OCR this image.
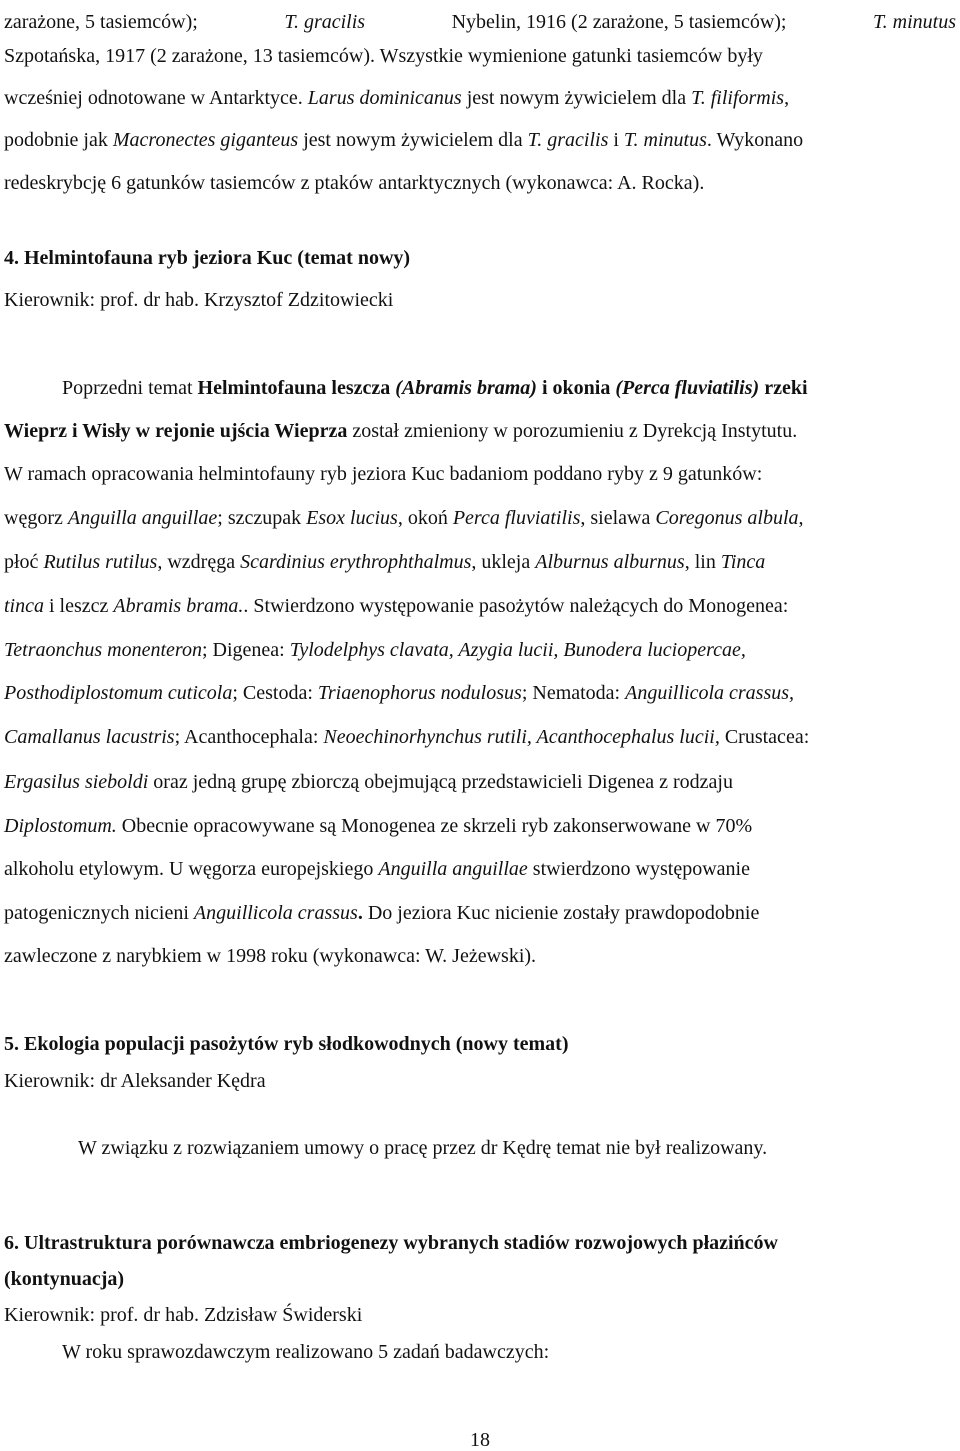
zarażone, 5 tasiemców);	T. gracilis	Nybelin, 1916 (2 zarażone, 5 tasiemców);	T. minutus
Szpotańska, 1917 (2 zarażone, 13 tasiemców). Wszystkie wymienione gatunki tasiemców były
wcześniej odnotowane w Antarktyce. Larus dominicanus jest nowym żywicielem dla T. filiformis,
podobnie jak Macronectes giganteus jest nowym żywicielem dla T. gracilis i T. minutus. Wykonano
redeskrybcję 6 gatunków tasiemców z ptaków antarktycznych (wykonawca: A. Rocka).
4. Helmintofauna ryb jeziora Kuc (temat nowy)
Kierownik: prof. dr hab. Krzysztof Zdzitowiecki
Poprzedni temat Helmintofauna leszcza (Abramis brama) i okonia (Perca fluviatilis) rzeki
Wieprz i Wisły w rejonie ujścia Wieprza został zmieniony w porozumieniu z Dyrekcją Instytutu.
W ramach opracowania helmintofauny ryb jeziora Kuc badaniom poddano ryby z 9 gatunków:
węgorz Anguilla anguillae; szczupak Esox lucius, okoń Perca fluviatilis, sielawa Coregonus albula,
płoć Rutilus rutilus, wzdręga Scardinius erythrophthalmus, ukleja Alburnus alburnus, lin Tinca
tinca i leszcz Abramis brama.. Stwierdzono występowanie pasożytów należących do Monogenea:
Tetraonchus monenteron; Digenea: Tylodelphys clavata, Azygia lucii, Bunodera luciopercae,
Posthodiplostomum cuticola; Cestoda: Triaenophorus nodulosus; Nematoda: Anguillicola crassus,
Camallanus lacustris; Acanthocephala: Neoechinorhynchus rutili, Acanthocephalus lucii, Crustacea:
Ergasilus sieboldi oraz jedną grupę zbiorczą obejmującą przedstawicieli Digenea z rodzaju
Diplostomum. Obecnie opracowywane są Monogenea ze skrzeli ryb zakonserwowane w 70%
alkoholu etylowym. U węgorza europejskiego Anguilla anguillae stwierdzono występowanie
patogenicznych nicieni Anguillicola crassus. Do jeziora Kuc nicienie zostały prawdopodobnie
zawleczone z narybkiem w 1998 roku (wykonawca: W. Jeżewski).
5. Ekologia populacji pasożytów ryb słodkowodnych (nowy temat)
Kierownik: dr Aleksander Kędra
W związku z rozwiązaniem umowy o pracę przez dr Kędrę temat nie był realizowany.
6. Ultrastruktura porównawcza embriogenezy wybranych stadiów rozwojowych płazińców
(kontynuacja)
Kierownik: prof. dr hab. Zdzisław Świderski
W roku sprawozdawczym realizowano 5 zadań badawczych:
18
